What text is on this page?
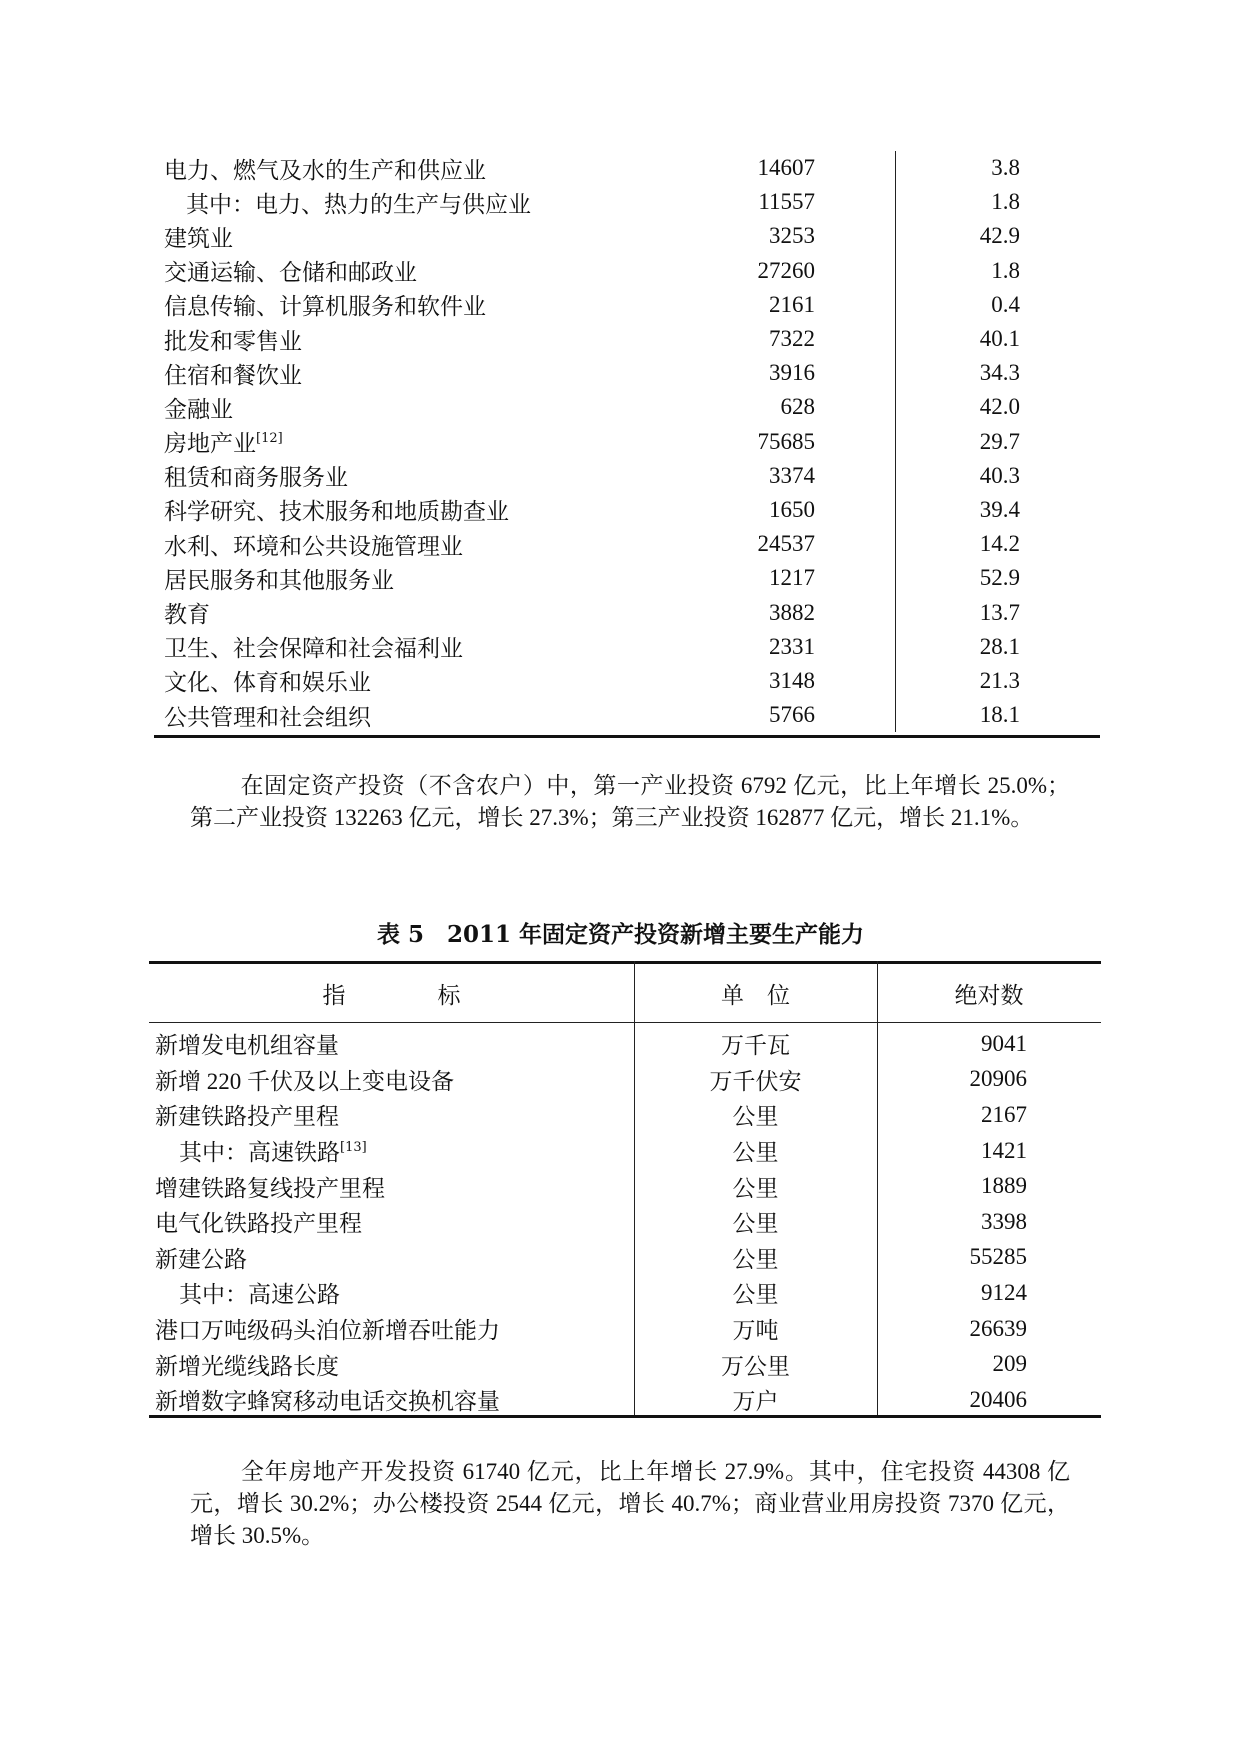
电力、燃气及水的生产和供应业	14607	3.8
其中：电力、热力的生产与供应业	11557	1.8
建筑业	3253	42.9
交通运输、仓储和邮政业	27260	1.8
信息传输、计算机服务和软件业	2161	0.4
批发和零售业	7322	40.1
住宿和餐饮业	3916	34.3
金融业	628	42.0
房地产业[12]	75685	29.7
租赁和商务服务业	3374	40.3
科学研究、技术服务和地质勘查业	1650	39.4
水利、环境和公共设施管理业	24537	14.2
居民服务和其他服务业	1217	52.9
教育	3882	13.7
卫生、社会保障和社会福利业	2331	28.1
文化、体育和娱乐业	3148	21.3
公共管理和社会组织	5766	18.1

在固定资产投资（不含农户）中，第一产业投资 6792 亿元，比上年增长 25.0%；第二产业投资 132263 亿元，增长 27.3%；第三产业投资 162877 亿元，增长 21.1%。

表 5　2011 年固定资产投资新增主要生产能力
指　　　　标	单　位	绝对数
新增发电机组容量	万千瓦	9041
新增 220 千伏及以上变电设备	万千伏安	20906
新建铁路投产里程	公里	2167
其中：高速铁路[13]	公里	1421
增建铁路复线投产里程	公里	1889
电气化铁路投产里程	公里	3398
新建公路	公里	55285
其中：高速公路	公里	9124
港口万吨级码头泊位新增吞吐能力	万吨	26639
新增光缆线路长度	万公里	209
新增数字蜂窝移动电话交换机容量	万户	20406

全年房地产开发投资 61740 亿元，比上年增长 27.9%。其中，住宅投资 44308 亿元，增长 30.2%；办公楼投资 2544 亿元，增长 40.7%；商业营业用房投资 7370 亿元，增长 30.5%。
